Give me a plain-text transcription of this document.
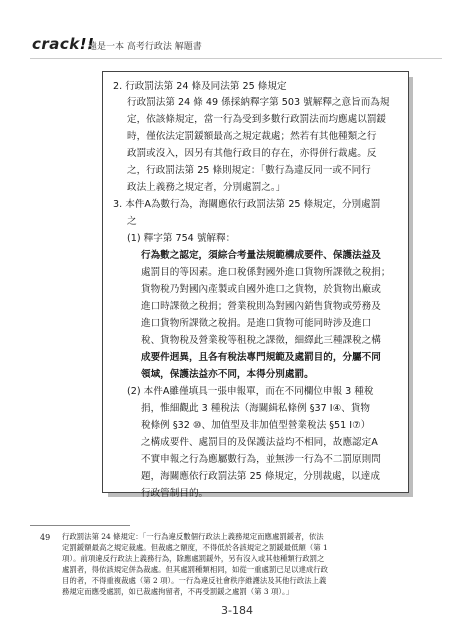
crack!!
遠是一本 高考行政法 解題書
2. 行政罰法第 24 條及同法第 25 條規定
行政罰法第 24 條 49 係採納釋字第 503 號解釋之意旨而為規
定，依該條規定，當一行為受到多數行政罰法而均應處以罰鍰
時，僅依法定罰鍰額最高之規定裁處；然若有其他種類之行
政罰或沒入，因另有其他行政目的存在，亦得併行裁處。反
之，行政罰法第 25 條則規定：「數行為違反同一或不同行
政法上義務之規定者，分別處罰之。」
3. 本件A為數行為，海關應依行政罰法第 25 條規定，分別處罰
之
(1) 釋字第 754 號解釋：
行為數之認定，須綜合考量法規範構成要件、保護法益及
處罰目的等因素。進口稅係對國外進口貨物所課徵之稅捐；
貨物稅乃對國內產製或自國外進口之貨物，於貨物出廠或
進口時課徵之稅捐；營業稅則為對國內銷售貨物或勞務及
進口貨物所課徵之稅捐。是進口貨物可能同時涉及進口
稅、貨物稅及營業稅等租稅之課徵，細繹此三種課稅之構
成要件迥異，且各有稅法專門規範及處罰目的，分屬不同
領域，保護法益亦不同，本得分別處罰。
(2) 本件A雖僅填具一張申報單，而在不同欄位申報 3 種稅
捐，惟細觀此 3 種稅法（海關緝私條例 §37 Ⅰ④、貨物
稅條例 §32 ⑩、加值型及非加值型營業稅法 §51 Ⅰ⑦）
之構成要件、處罰目的及保護法益均不相同，故應認定A
不實申報之行為應屬數行為，並無涉一行為不二罰原則問
題，海關應依行政罰法第 25 條規定，分別裁處，以達成
行政管制目的。
49 行政罰法第 24 條規定：「一行為違反數個行政法上義務規定而應處罰鍰者，依法
定罰鍰額最高之規定裁處。但裁處之額度，不得低於各該規定之罰鍰最低額（第 1
項）。前項違反行政法上義務行為，除應處罰鍰外，另有沒入或其他種類行政罰之
處罰者，得依該規定併為裁處。但其處罰種類相同，如從一重處罰已足以達成行政
目的者，不得重複裁處（第 2 項）。一行為違反社會秩序維護法及其他行政法上義
務規定而應受處罰，如已裁處拘留者，不再受罰鍰之處罰（第 3 項）。」
3-184
